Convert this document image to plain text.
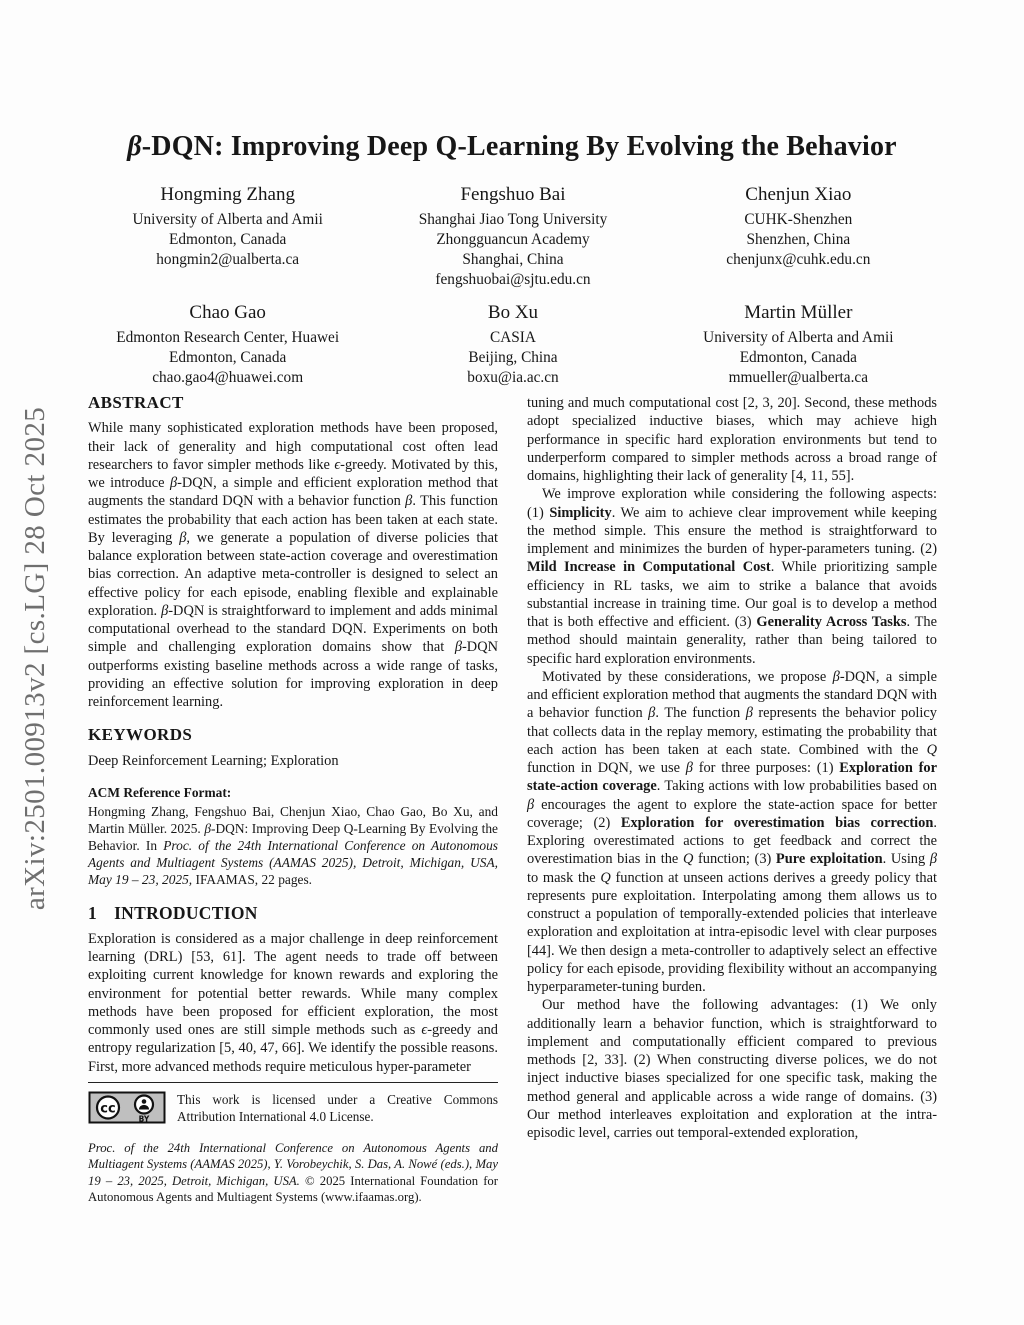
arXiv:2501.00913v2 [cs.LG] 28 Oct 2025
β-DQN: Improving Deep Q-Learning By Evolving the Behavior
Hongming Zhang
University of Alberta and Amii
Edmonton, Canada
hongmin2@ualberta.ca
Fengshuo Bai
Shanghai Jiao Tong University
Zhongguancun Academy
Shanghai, China
fengshuobai@sjtu.edu.cn
Chenjun Xiao
CUHK-Shenzhen
Shenzhen, China
chenjunx@cuhk.edu.cn
Chao Gao
Edmonton Research Center, Huawei
Edmonton, Canada
chao.gao4@huawei.com
Bo Xu
CASIA
Beijing, China
boxu@ia.ac.cn
Martin Müller
University of Alberta and Amii
Edmonton, Canada
mmueller@ualberta.ca
ABSTRACT

While many sophisticated exploration methods have been proposed, their lack of generality and high computational cost often lead researchers to favor simpler methods like ϵ-greedy. Motivated by this, we introduce β-DQN, a simple and efficient exploration method that augments the standard DQN with a behavior function β. This function estimates the probability that each action has been taken at each state. By leveraging β, we generate a population of diverse policies that balance exploration between state-action coverage and overestimation bias correction. An adaptive meta-controller is designed to select an effective policy for each episode, enabling flexible and explainable exploration. β-DQN is straightforward to implement and adds minimal computational overhead to the standard DQN. Experiments on both simple and challenging exploration domains show that β-DQN outperforms existing baseline methods across a wide range of tasks, providing an effective solution for improving exploration in deep reinforcement learning.

KEYWORDS

Deep Reinforcement Learning; Exploration

ACM Reference Format:

Hongming Zhang, Fengshuo Bai, Chenjun Xiao, Chao Gao, Bo Xu, and Martin Müller. 2025. β-DQN: Improving Deep Q-Learning By Evolving the Behavior. In Proc. of the 24th International Conference on Autonomous Agents and Multiagent Systems (AAMAS 2025), Detroit, Michigan, USA, May 19 – 23, 2025, IFAAMAS, 22 pages.

1 INTRODUCTION

Exploration is considered as a major challenge in deep reinforcement learning (DRL) [53, 61]. The agent needs to trade off between exploiting current knowledge for known rewards and exploring the environment for potential better rewards. While many complex methods have been proposed for efficient exploration, the most commonly used ones are still simple methods such as ϵ-greedy and entropy regularization [5, 40, 47, 66]. We identify the possible reasons. First, more advanced methods require meticulous hyper-parameter

tuning and much computational cost [2, 3, 20]. Second, these methods adopt specialized inductive biases, which may achieve high performance in specific hard exploration environments but tend to underperform compared to simpler methods across a broad range of domains, highlighting their lack of generality [4, 11, 55].

We improve exploration while considering the following aspects: (1) Simplicity. We aim to achieve clear improvement while keeping the method simple. This ensure the method is straightforward to implement and minimizes the burden of hyper-parameters tuning. (2) Mild Increase in Computational Cost. While prioritizing sample efficiency in RL tasks, we aim to strike a balance that avoids substantial increase in training time. Our goal is to develop a method that is both effective and efficient. (3) Generality Across Tasks. The method should maintain generality, rather than being tailored to specific hard exploration environments.

Motivated by these considerations, we propose β-DQN, a simple and efficient exploration method that augments the standard DQN with a behavior function β. The function β represents the behavior policy that collects data in the replay memory, estimating the probability that each action has been taken at each state. Combined with the Q function in DQN, we use β for three purposes: (1) Exploration for state-action coverage. Taking actions with low probabilities based on β encourages the agent to explore the state-action space for better coverage; (2) Exploration for overestimation bias correction. Exploring overestimated actions to get feedback and correct the overestimation bias in the Q function; (3) Pure exploitation. Using β to mask the Q function at unseen actions derives a greedy policy that represents pure exploitation. Interpolating among them allows us to construct a population of temporally-extended policies that interleave exploration and exploitation at intra-episodic level with clear purposes [44]. We then design a meta-controller to adaptively select an effective policy for each episode, providing flexibility without an accompanying hyperparameter-tuning burden.

Our method have the following advantages: (1) We only additionally learn a behavior function, which is straightforward to implement and computationally efficient compared to previous methods [2, 33]. (2) When constructing diverse polices, we do not inject inductive biases specialized for one specific task, making the method general and applicable across a wide range of domains. (3) Our method interleaves exploitation and exploration at the intra-episodic level, carries out temporal-extended exploration,

cc
BY
This work is licensed under a Creative Commons Attribution International 4.0 License.
Proc. of the 24th International Conference on Autonomous Agents and Multiagent Systems (AAMAS 2025), Y. Vorobeychik, S. Das, A. Nowé (eds.), May 19 – 23, 2025, Detroit, Michigan, USA. © 2025 International Foundation for Autonomous Agents and Multiagent Systems (www.ifaamas.org).
